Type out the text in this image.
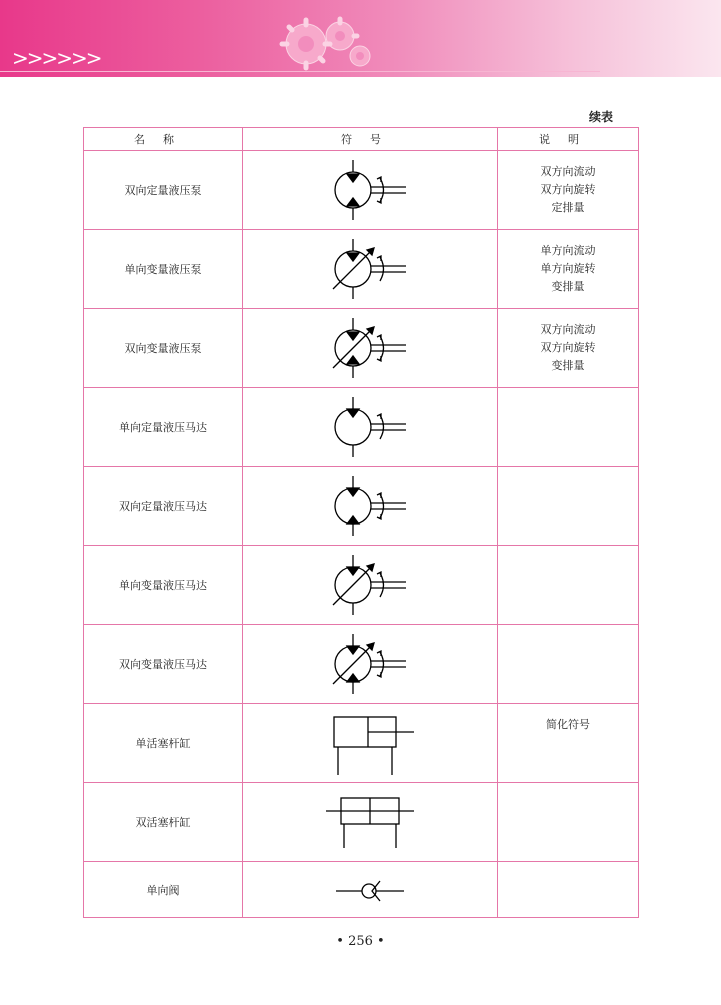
>>>>>>
续表
名称	符号	说明
双向定量液压泵		双方向流动
双方向旋转
定排量

单向变量液压泵		单方向流动
单方向旋转
变排量

双向变量液压泵		双方向流动
双方向旋转
变排量

单向定量液压马达	

双向定量液压马达	

单向变量液压马达	

双向变量液压马达	

单活塞杆缸		简化符号

双活塞杆缸	

单向阀	

• 256 •
